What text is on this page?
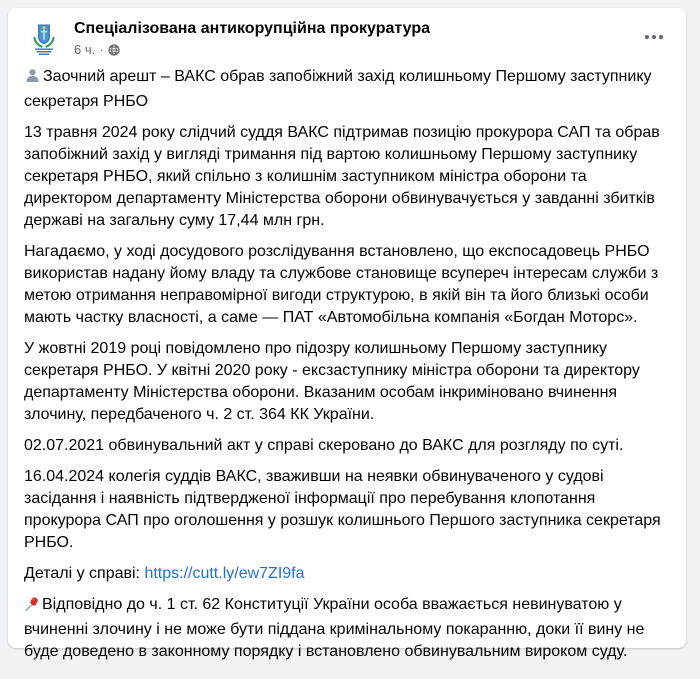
Спеціалізована антикорупційна прокуратура
6 ч. ·

Заочний арешт – ВАКС обрав запобіжний захід колишньому Першому заступнику секретаря РНБО

13 травня 2024 року слідчий суддя ВАКС підтримав позицію прокурора САП та обрав запобіжний захід у вигляді тримання під вартою колишньому Першому заступнику секретаря РНБО, який спільно з колишнім заступником міністра оборони та директором департаменту Міністерства оборони обвинувачується у завданні збитків державі на загальну суму 17,44 млн грн.

Нагадаємо, у ході досудового розслідування встановлено, що експосадовець РНБО використав надану йому владу та службове становище всупереч інтересам служби з метою отримання неправомірної вигоди структурою, в якій він та його близькі особи мають частку власності, а саме — ПАТ «Автомобільна компанія «Богдан Моторс».

У жовтні 2019 році повідомлено про підозру колишньому Першому заступнику секретаря РНБО. У квітні 2020 року - ексзаступнику міністра оборони та директору департаменту Міністерства оборони. Вказаним особам інкриміновано вчинення злочину, передбаченого ч. 2 ст. 364 КК України.

02.07.2021 обвинувальний акт у справі скеровано до ВАКС для розгляду по суті.

16.04.2024 колегія суддів ВАКС, зваживши на неявки обвинуваченого у судові засідання і наявність підтвердженої інформації про перебування клопотання прокурора САП про оголошення у розшук колишнього Першого заступника секретаря РНБО.

Деталі у справі: https://cutt.ly/ew7ZI9fa

Відповідно до ч. 1 ст. 62 Конституції України особа вважається невинуватою у вчиненні злочину і не може бути піддана кримінальному покаранню, доки її вину не буде доведено в законному порядку і встановлено обвинувальним вироком суду.
